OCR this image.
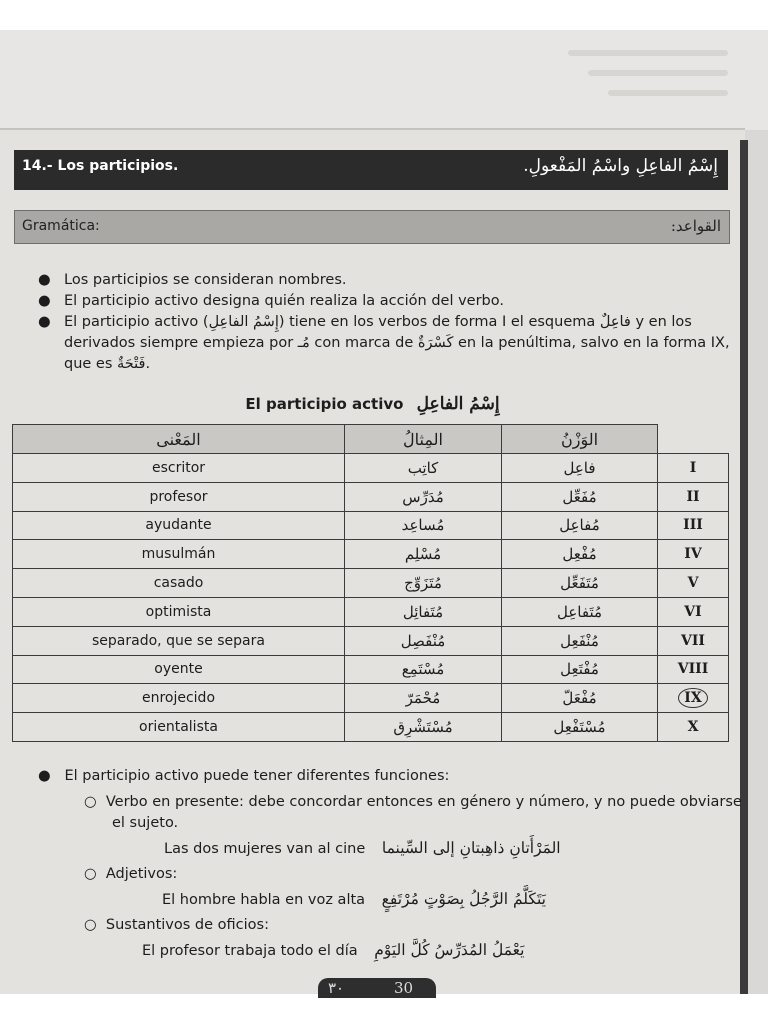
14.- Los participios.	إِسْمُ الفاعِلِ واسْمُ المَفْعولِ.
Gramática:	القواعد:
● Los participios se consideran nombres.
● El participio activo designa quién realiza la acción del verbo.
● El participio activo (إِسْمُ الفاعِلِ) tiene en los verbos de forma I el esquema فاعِلٌ y en los derivados siempre empieza por مُـ con marca de كَسْرَةٌ en la penúltima, salvo en la forma IX, que es فَتْحَةٌ.
El participio activo إِسْمُ الفاعِلِ
المَعْنى	المِثالُ	الوَزْنُ	
escritor	كاتِب	فاعِل	I
profesor	مُدَرِّس	مُفَعِّل	II
ayudante	مُساعِد	مُفاعِل	III
musulmán	مُسْلِم	مُفْعِل	IV
casado	مُتَزَوِّج	مُتَفَعِّل	V
optimista	مُتَفائِل	مُتَفاعِل	VI
separado, que se separa	مُنْفَصِل	مُنْفَعِل	VII
oyente	مُسْتَمِع	مُفْتَعِل	VIII
enrojecido	مُحْمَرّ	مُفْعَلّ	IX
orientalista	مُسْتَشْرِق	مُسْتَفْعِل	X
● El participio activo puede tener diferentes funciones:
○ Verbo en presente: debe concordar entonces en género y número, y no puede obviarse
el sujeto.
Las dos mujeres van al cine المَرْأَتانِ ذاهِبتانِ إلى السِّينما
○ Adjetivos:
El hombre habla en voz alta يَتَكَلَّمُ الرَّجُلُ بِصَوْتٍ مُرْتَفِعٍ
○ Sustantivos de oficios:
El profesor trabaja todo el día يَعْمَلُ المُدَرِّسُ كُلَّ اليَوْمِ
٣٠	30
